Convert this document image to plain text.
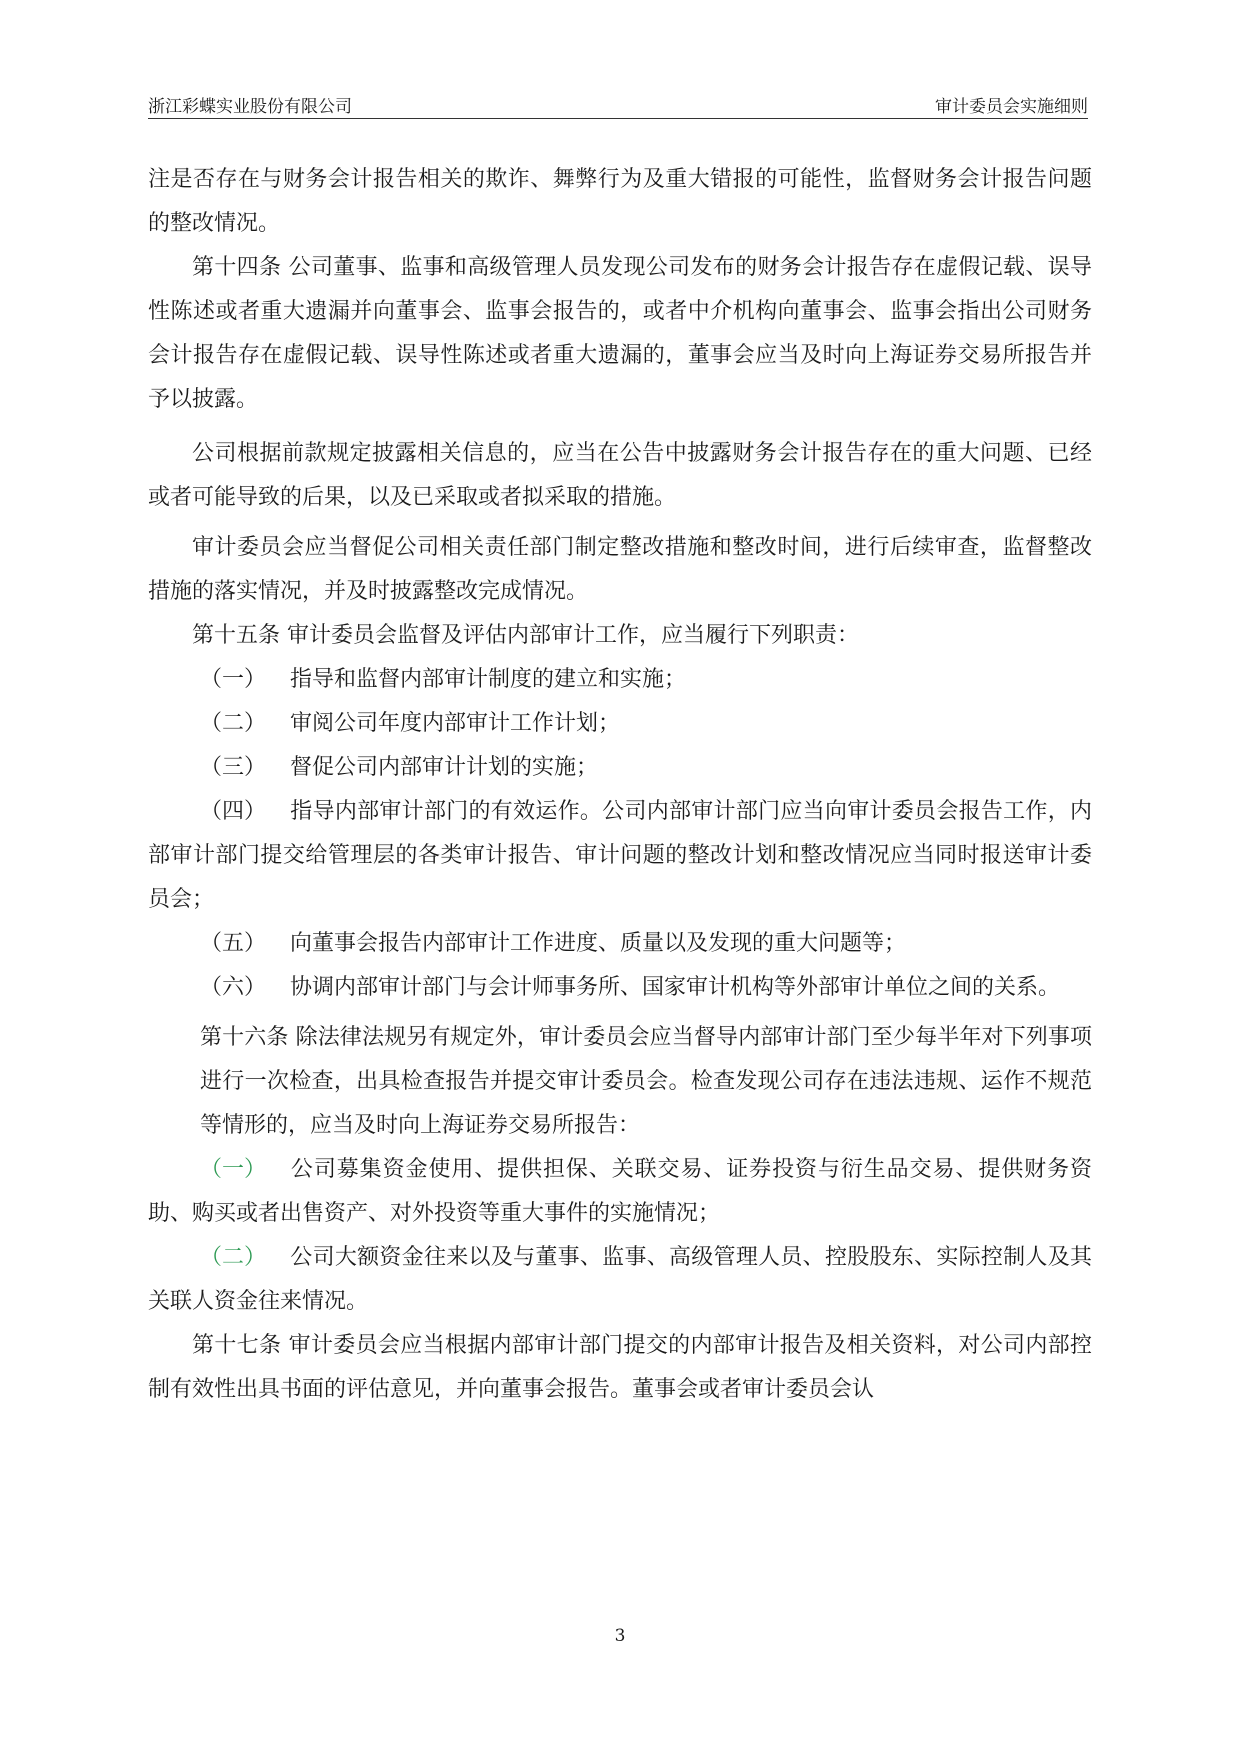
浙江彩蝶实业股份有限公司	审计委员会实施细则

注是否存在与财务会计报告相关的欺诈、舞弊行为及重大错报的可能性，监督财务会计报告问题的整改情况。

第十四条 公司董事、监事和高级管理人员发现公司发布的财务会计报告存在虚假记载、误导性陈述或者重大遗漏并向董事会、监事会报告的，或者中介机构向董事会、监事会指出公司财务会计报告存在虚假记载、误导性陈述或者重大遗漏的，董事会应当及时向上海证券交易所报告并予以披露。

公司根据前款规定披露相关信息的，应当在公告中披露财务会计报告存在的重大问题、已经或者可能导致的后果，以及已采取或者拟采取的措施。

审计委员会应当督促公司相关责任部门制定整改措施和整改时间，进行后续审查，监督整改措施的落实情况，并及时披露整改完成情况。

第十五条 审计委员会监督及评估内部审计工作，应当履行下列职责：

（一） 指导和监督内部审计制度的建立和实施；

（二） 审阅公司年度内部审计工作计划；

（三） 督促公司内部审计计划的实施；

（四） 指导内部审计部门的有效运作。公司内部审计部门应当向审计委员会报告工作，内部审计部门提交给管理层的各类审计报告、审计问题的整改计划和整改情况应当同时报送审计委员会；

（五） 向董事会报告内部审计工作进度、质量以及发现的重大问题等；

（六） 协调内部审计部门与会计师事务所、国家审计机构等外部审计单位之间的关系。

第十六条 除法律法规另有规定外，审计委员会应当督导内部审计部门至少每半年对下列事项进行一次检查，出具检查报告并提交审计委员会。检查发现公司存在违法违规、运作不规范等情形的，应当及时向上海证券交易所报告：

（一） 公司募集资金使用、提供担保、关联交易、证券投资与衍生品交易、提供财务资助、购买或者出售资产、对外投资等重大事件的实施情况；

（二） 公司大额资金往来以及与董事、监事、高级管理人员、控股股东、实际控制人及其关联人资金往来情况。

第十七条 审计委员会应当根据内部审计部门提交的内部审计报告及相关资料，对公司内部控制有效性出具书面的评估意见，并向董事会报告。董事会或者审计委员会认

3
